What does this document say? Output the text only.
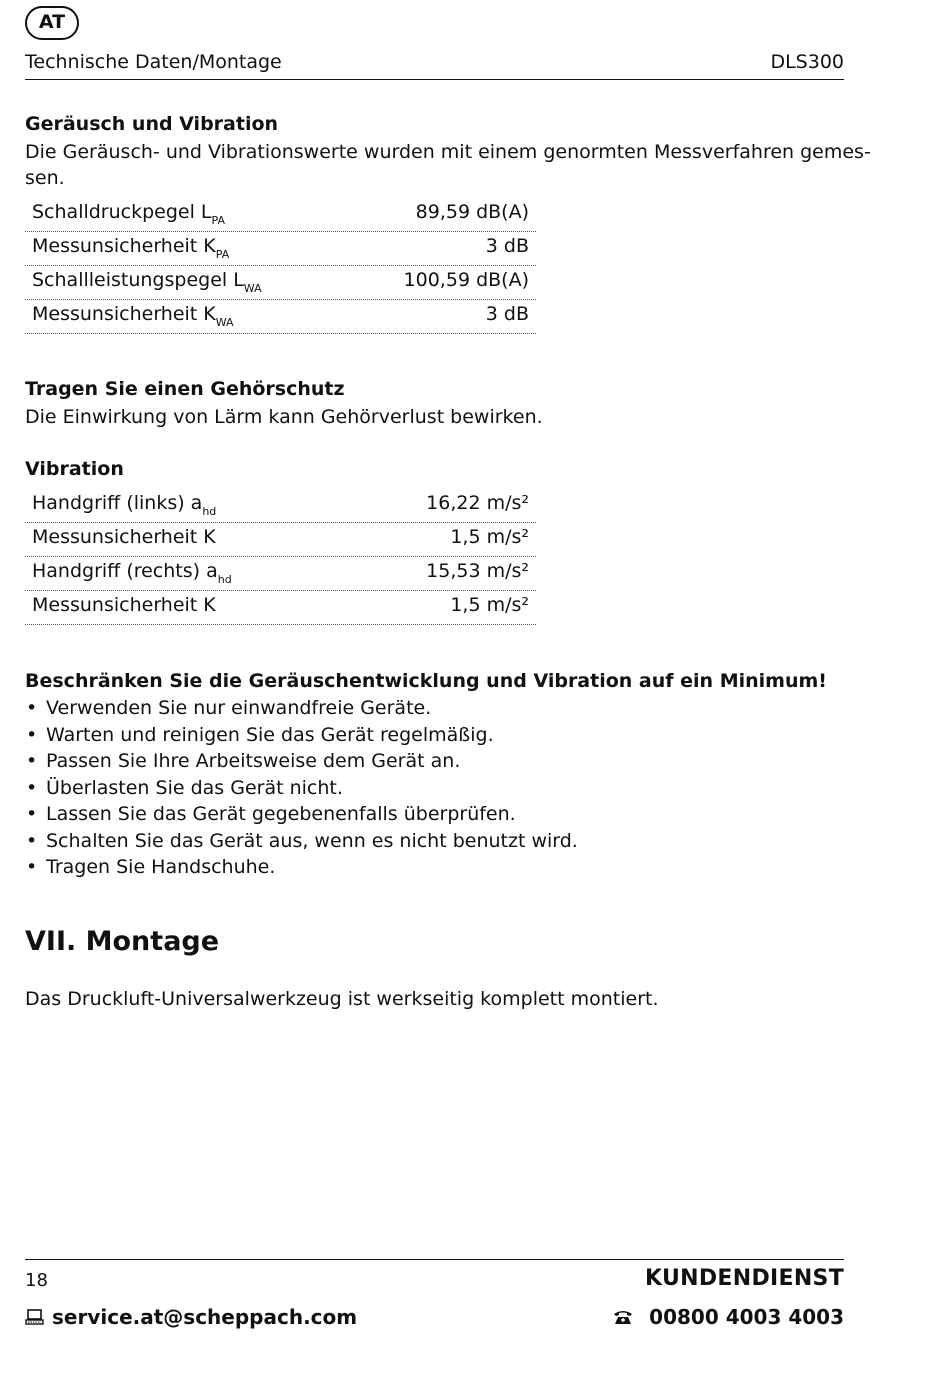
AT
Technische Daten/Montage	DLS300
Geräusch und Vibration
Die Geräusch- und Vibrationswerte wurden mit einem genormten Messverfahren gemes-
sen.
Schalldruckpegel $L_{PA}$	89,59 dB(A)
Messunsicherheit $K_{PA}$	3 dB
Schallleistungspegel $L_{WA}$	100,59 dB(A)
Messunsicherheit $K_{WA}$	3 dB
Tragen Sie einen Gehörschutz
Die Einwirkung von Lärm kann Gehörverlust bewirken.
Vibration
Handgriff (links) $a_{hd}$	16,22 m/s²
Messunsicherheit K	1,5 m/s²
Handgriff (rechts) $a_{hd}$	15,53 m/s²
Messunsicherheit K	1,5 m/s²
Beschränken Sie die Geräuschentwicklung und Vibration auf ein Minimum!
• Verwenden Sie nur einwandfreie Geräte.
• Warten und reinigen Sie das Gerät regelmäßig.
• Passen Sie Ihre Arbeitsweise dem Gerät an.
• Überlasten Sie das Gerät nicht.
• Lassen Sie das Gerät gegebenenfalls überprüfen.
• Schalten Sie das Gerät aus, wenn es nicht benutzt wird.
• Tragen Sie Handschuhe.
VII. Montage
Das Druckluft-Universalwerkzeug ist werkseitig komplett montiert.
18	KUNDENDIENST
service.at@scheppach.com	00800 4003 4003
